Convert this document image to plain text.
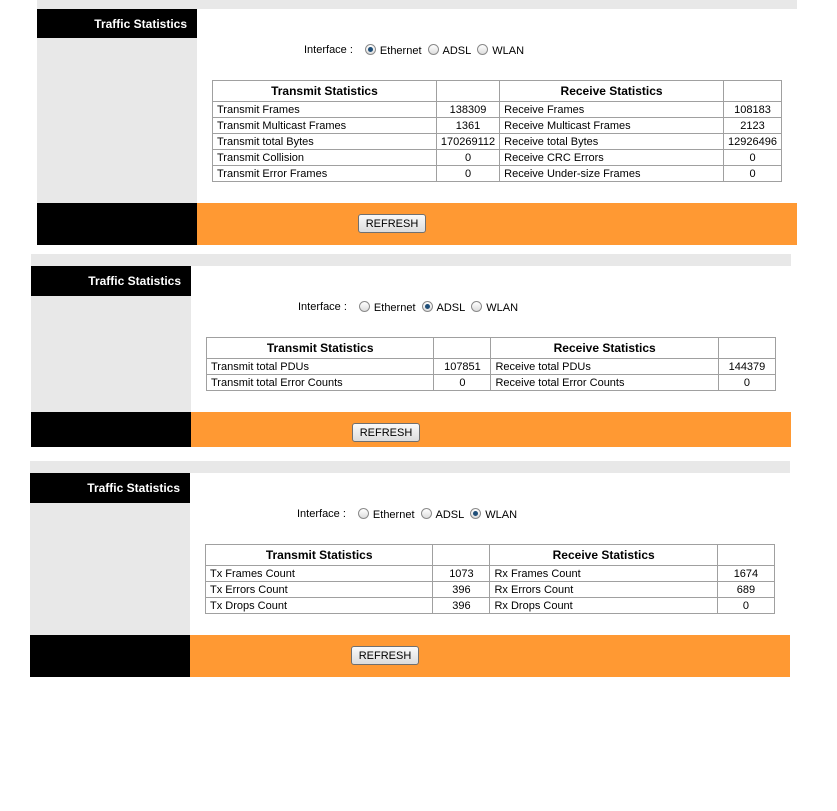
Traffic Statistics
Interface : Ethernet ADSL WLAN
Transmit Statistics		Receive Statistics	
Transmit Frames	138309	Receive Frames	108183
Transmit Multicast Frames	1361	Receive Multicast Frames	2123
Transmit total Bytes	170269112	Receive total Bytes	12926496
Transmit Collision	0	Receive CRC Errors	0
Transmit Error Frames	0	Receive Under-size Frames	0
REFRESH
Traffic Statistics
Interface : Ethernet ADSL WLAN
Transmit Statistics		Receive Statistics	
Transmit total PDUs	107851	Receive total PDUs	144379
Transmit total Error Counts	0	Receive total Error Counts	0
REFRESH
Traffic Statistics
Interface : Ethernet ADSL WLAN
Transmit Statistics		Receive Statistics	
Tx Frames Count	1073	Rx Frames Count	1674
Tx Errors Count	396	Rx Errors Count	689
Tx Drops Count	396	Rx Drops Count	0
REFRESH
